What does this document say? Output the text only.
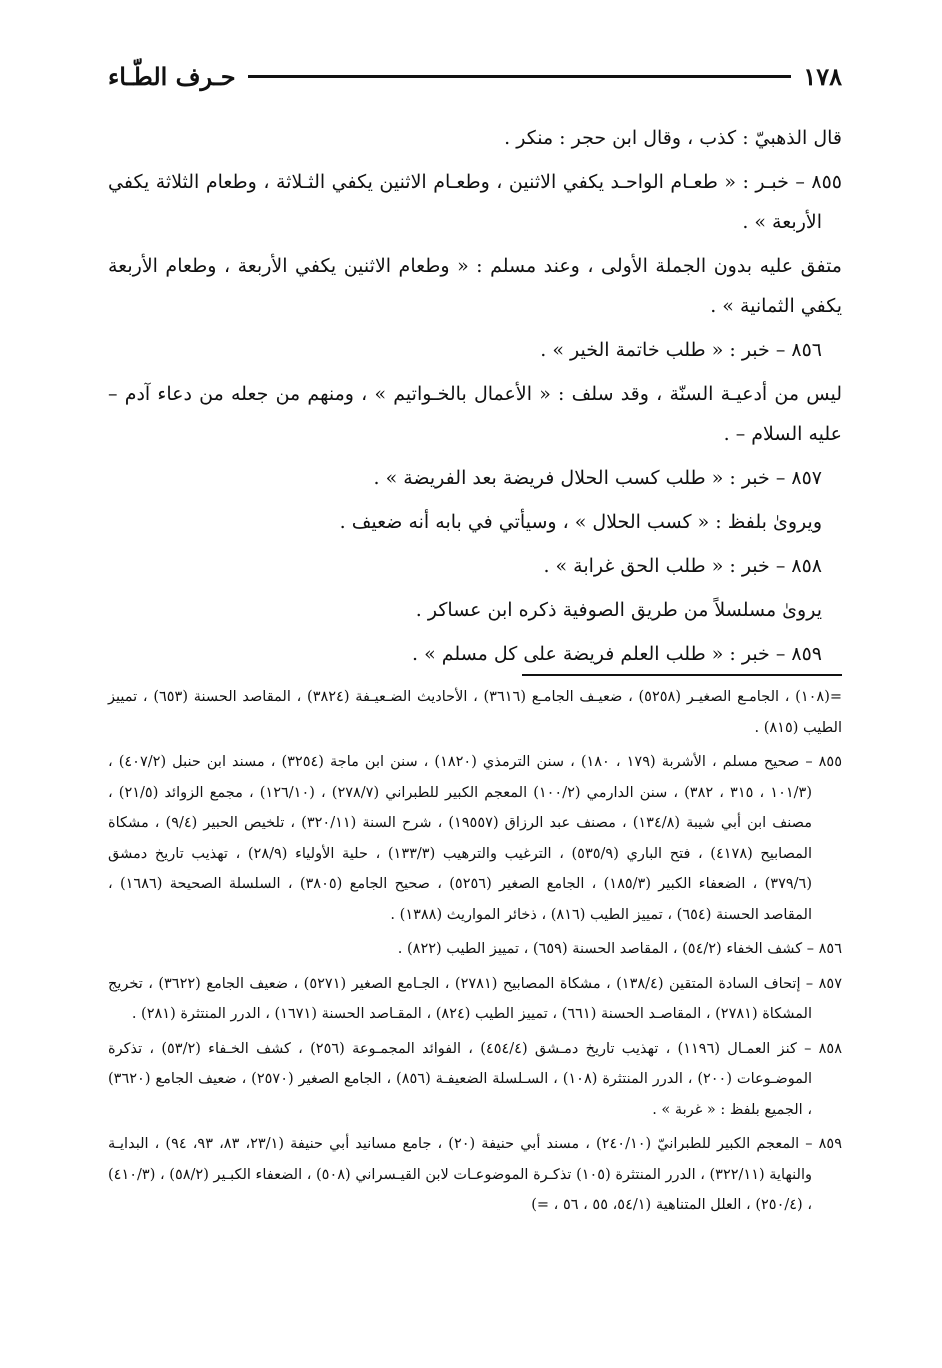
١٧٨
حـرف الطّـاء

قال الذهبيّ : كذب ، وقال ابن حجر : منكر .

٨٥٥ – خبـر : « طعـام الواحـد يكفي الاثنين ، وطعـام الاثنين يكفي الثـلاثة ، وطعام الثلاثة يكفي الأربعة » .

متفق عليه بدون الجملة الأولى ، وعند مسلم : « وطعام الاثنين يكفي الأربعة ، وطعام الأربعة يكفي الثمانية » .

٨٥٦ – خبر : « طلب خاتمة الخير » .

ليس من أدعيـة السنّة ، وقد سلف : « الأعمال بالخـواتيم » ، ومنهم من جعله من دعاء آدم – عليه السلام – .

٨٥٧ – خبر : « طلب كسب الحلال فريضة بعد الفريضة » .

ويروىٰ بلفظ : « كسب الحلال » ، وسيأتي في بابه أنه ضعيف .

٨٥٨ – خبر : « طلب الحق غرابة » .

يروىٰ مسلسلاً من طريق الصوفية ذكره ابن عساكر .

٨٥٩ – خبر : « طلب العلم فريضة على كل مسلم » .

=(١٠٨) ، الجامـع الصغيـر (٥٢٥٨) ، ضعيـف الجامـع (٣٦١٦) ، الأحاديث الضـعيـفة (٣٨٢٤) ، المقاصد الحسنة (٦٥٣) ، تمييز الطيب (٨١٥) .

٨٥٥ – صحيح مسلم ، الأشربة (١٧٩ ، ١٨٠) ، سنن الترمذي (١٨٢٠) ، سنن ابن ماجة (٣٢٥٤) ، مسند ابن حنبل (٤٠٧/٢) ، (١٠١/٣ ، ٣١٥ ، ٣٨٢) ، سنن الدارمي (١٠٠/٢) المعجم الكبير للطبراني (٢٧٨/٧) ، (١٢٦/١٠) ، مجمع الزوائد (٢١/٥) ، مصنف ابن أبي شيبة (١٣٤/٨) ، مصنف عبد الرزاق (١٩٥٥٧) ، شرح السنة (٣٢٠/١١) ، تلخيص الحبير (٩/٤) ، مشكاة المصابيح (٤١٧٨) ، فتح الباري (٥٣٥/٩) ، الترغيب والترهيب (١٣٣/٣) ، حلية الأولياء (٢٨/٩) ، تهذيب تاريخ دمشق (٣٧٩/٦) ، الضعفاء الكبير (١٨٥/٣) ، الجامع الصغير (٥٢٥٦) ، صحيح الجامع (٣٨٠٥) ، السلسلة الصحيحة (١٦٨٦) ، المقاصد الحسنة (٦٥٤) ، تمييز الطيب (٨١٦) ، ذخائر المواريث (١٣٨٨) .

٨٥٦ – كشف الخفاء (٥٤/٢) ، المقاصد الحسنة (٦٥٩) ، تمييز الطيب (٨٢٢) .

٨٥٧ – إتحاف السادة المتقين (١٣٨/٤) ، مشكاة المصابيح (٢٧٨١) ، الجـامع الصغير (٥٢٧١) ، ضعيف الجامع (٣٦٢٢) ، تخريج المشكاة (٢٧٨١) ، المقاصـد الحسنة (٦٦١) ، تمييز الطيب (٨٢٤) ، المقـاصد الحسنة (١٦٧١) ، الدرر المنتثرة (٢٨١) .

٨٥٨ – كنز العمـال (١١٩٦) ، تهذيب تاريخ دمـشق (٤٥٤/٤) ، الفوائد المجمـوعة (٢٥٦) ، كشف الخـفاء (٥٣/٢) ، تذكرة الموضـوعات (٢٠٠) ، الدرر المنتثرة (١٠٨) ، السـلسلة الضعيفـة (٨٥٦) ، الجامع الصغير (٢٥٧٠) ، ضعيف الجامع (٣٦٢٠) ، الجميع بلفظ : « غربة » .

٨٥٩ – المعجم الكبير للطبرانيّ (٢٤٠/١٠) ، مسند أبي حنيفة (٢٠) ، جامع مسانيد أبي حنيفة (٢٣/١، ٨٣، ٩٣، ٩٤) ، البدايـة والنهاية (٣٢٢/١١) ، الدرر المنتثرة (١٠٥) تذكـرة الموضوعـات لابن القيـسراني (٥٠٨) ، الضعفاء الكبـير (٥٨/٢) ، (٤١٠/٣) ، (٢٥٠/٤) ، العلل المتناهية (٥٤/١، ٥٥ ، ٥٦ ، =)
